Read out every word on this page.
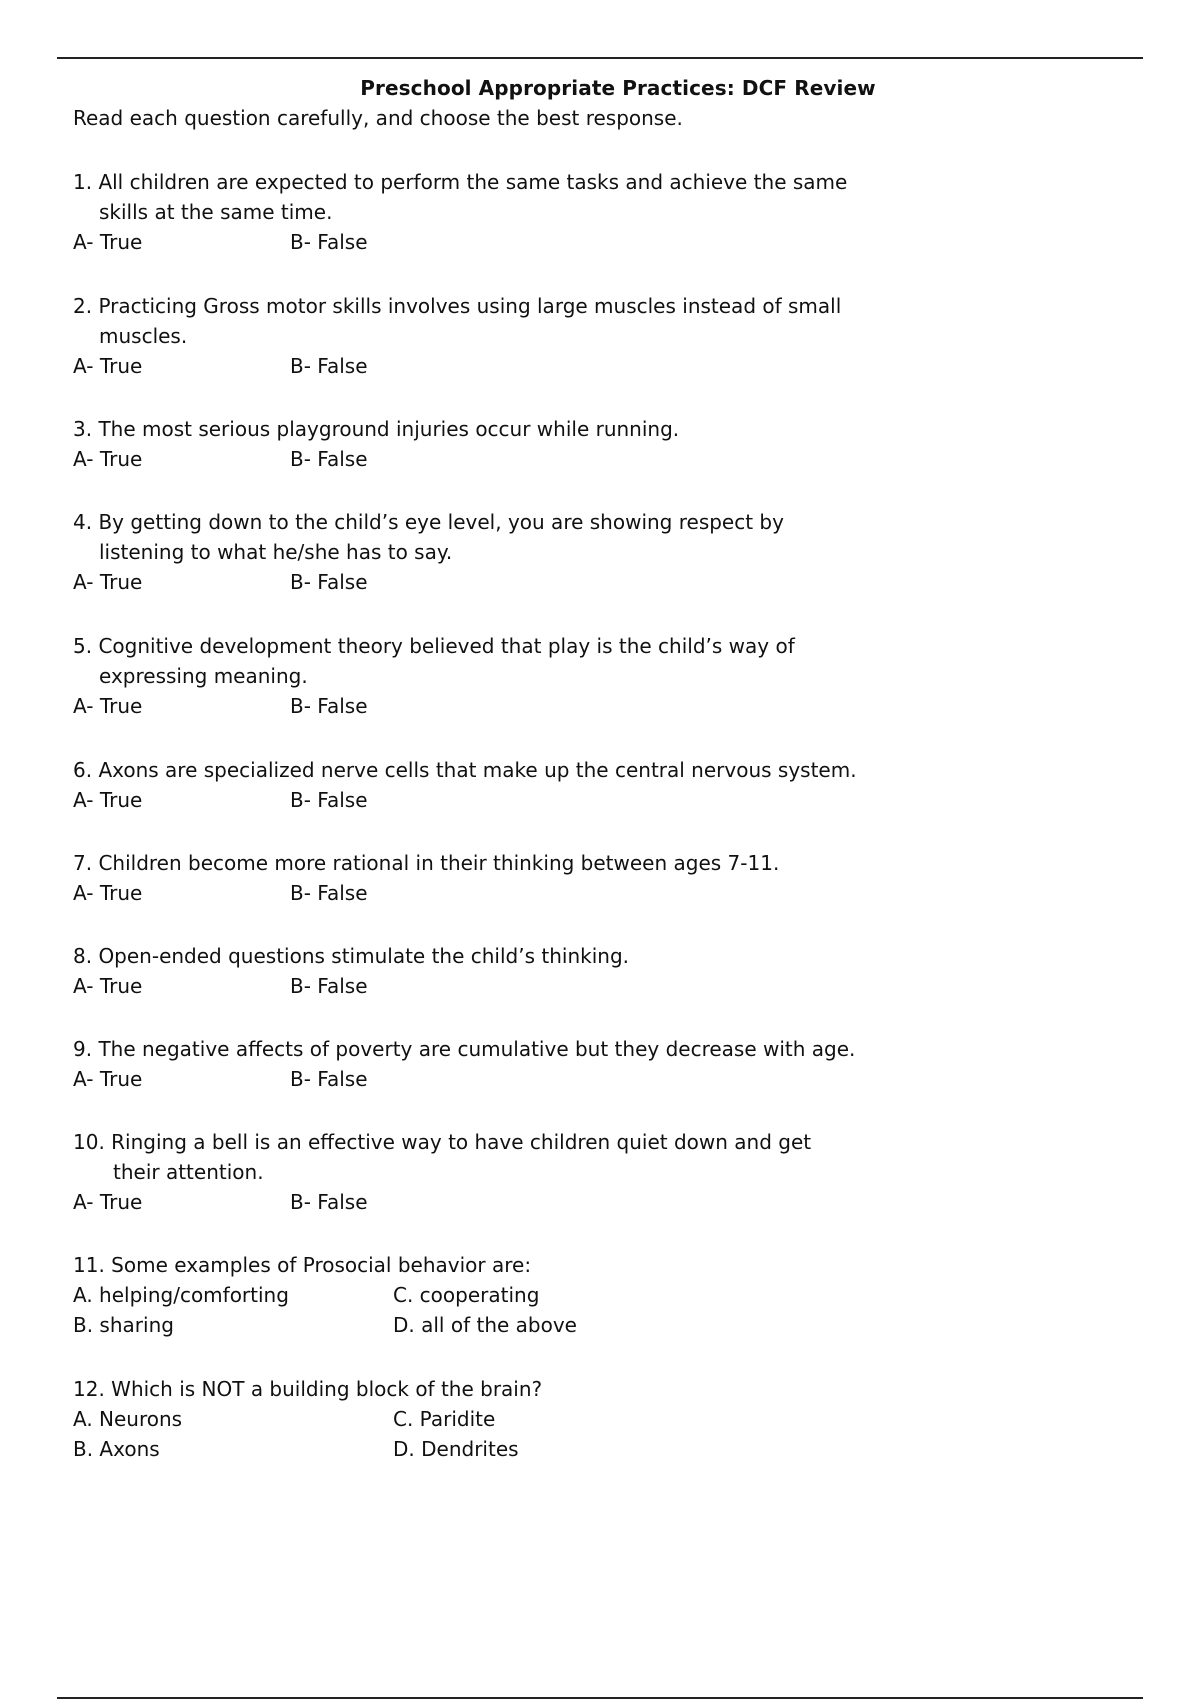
Preschool Appropriate Practices: DCF Review
Read each question carefully, and choose the best response.
1. All children are expected to perform the same tasks and achieve the same
skills at the same time.
A- True	B- False
2. Practicing Gross motor skills involves using large muscles instead of small
muscles.
A- True	B- False
3. The most serious playground injuries occur while running.
A- True	B- False
4. By getting down to the child’s eye level, you are showing respect by
listening to what he/she has to say.
A- True	B- False
5. Cognitive development theory believed that play is the child’s way of
expressing meaning.
A- True	B- False
6. Axons are specialized nerve cells that make up the central nervous system.
A- True	B- False
7. Children become more rational in their thinking between ages 7-11.
A- True	B- False
8. Open-ended questions stimulate the child’s thinking.
A- True	B- False
9. The negative affects of poverty are cumulative but they decrease with age.
A- True	B- False
10. Ringing a bell is an effective way to have children quiet down and get
their attention.
A- True	B- False
11. Some examples of Prosocial behavior are:
A. helping/comforting	C. cooperating
B. sharing	D. all of the above
12. Which is NOT a building block of the brain?
A. Neurons	C. Paridite
B. Axons	D. Dendrites
